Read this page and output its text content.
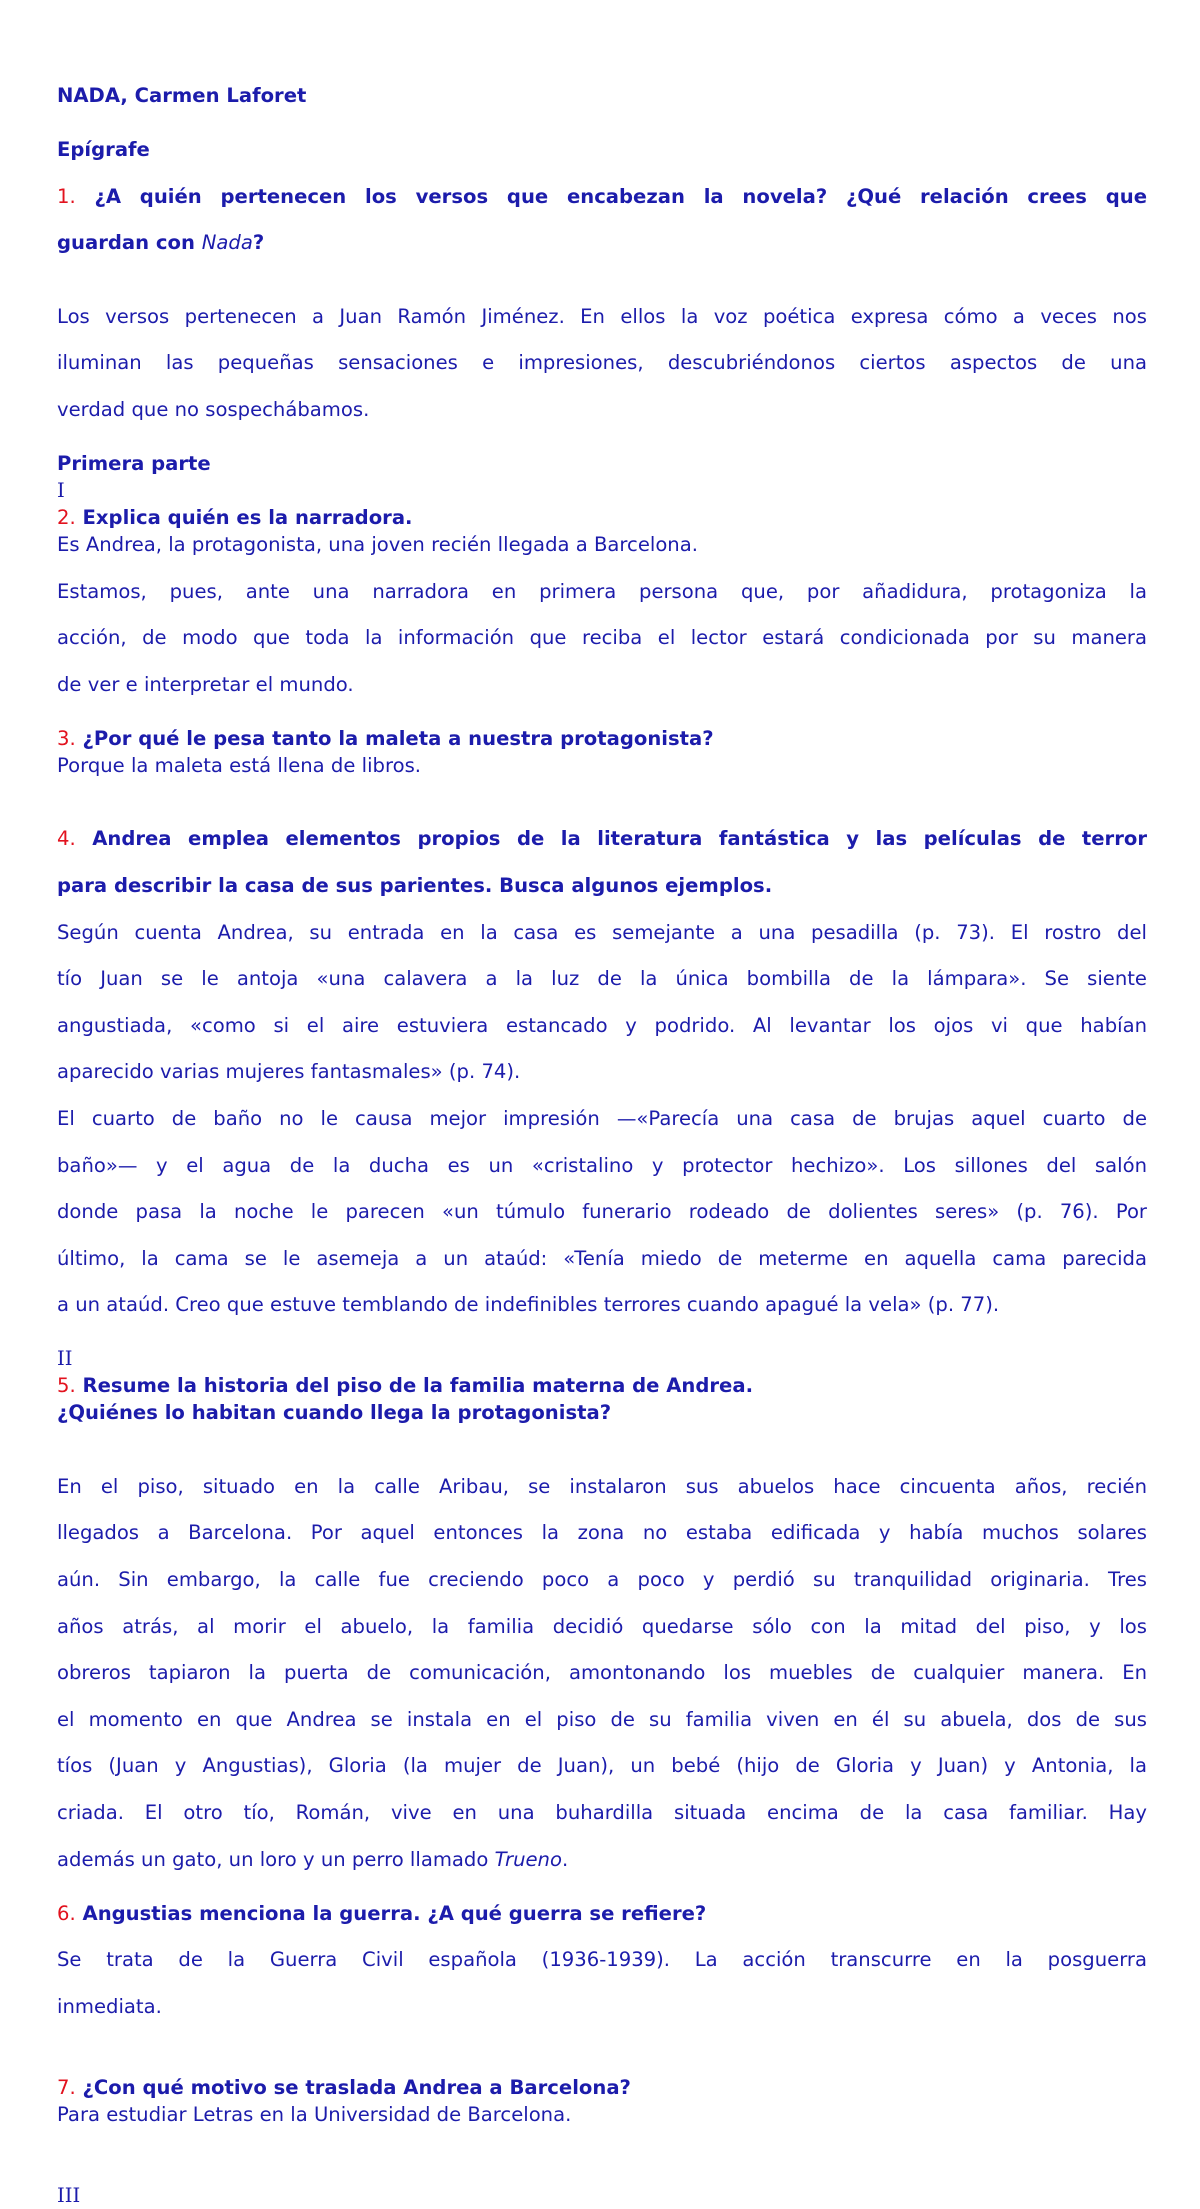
NADA, Carmen Laforet

Epígrafe

1. ¿A quién pertenecen los versos que encabezan la novela? ¿Qué relación crees que

guardan con Nada?

Los versos pertenecen a Juan Ramón Jiménez. En ellos la voz poética expresa cómo a veces nos

iluminan las pequeñas sensaciones e impresiones, descubriéndonos ciertos aspectos de una

verdad que no sospechábamos.

Primera parte

I

2. Explica quién es la narradora.

Es Andrea, la protagonista, una joven recién llegada a Barcelona.

Estamos, pues, ante una narradora en primera persona que, por añadidura, protagoniza la

acción, de modo que toda la información que reciba el lector estará condicionada por su manera

de ver e interpretar el mundo.

3. ¿Por qué le pesa tanto la maleta a nuestra protagonista?

Porque la maleta está llena de libros.

4. Andrea emplea elementos propios de la literatura fantástica y las películas de terror

para describir la casa de sus parientes. Busca algunos ejemplos.

Según cuenta Andrea, su entrada en la casa es semejante a una pesadilla (p. 73). El rostro del

tío Juan se le antoja «una calavera a la luz de la única bombilla de la lámpara». Se siente

angustiada, «como si el aire estuviera estancado y podrido. Al levantar los ojos vi que habían

aparecido varias mujeres fantasmales» (p. 74).

El cuarto de baño no le causa mejor impresión —«Parecía una casa de brujas aquel cuarto de

baño»— y el agua de la ducha es un «cristalino y protector hechizo». Los sillones del salón

donde pasa la noche le parecen «un túmulo funerario rodeado de dolientes seres» (p. 76). Por

último, la cama se le asemeja a un ataúd: «Tenía miedo de meterme en aquella cama parecida

a un ataúd. Creo que estuve temblando de indefinibles terrores cuando apagué la vela» (p. 77).

II

5. Resume la historia del piso de la familia materna de Andrea.

¿Quiénes lo habitan cuando llega la protagonista?

En el piso, situado en la calle Aribau, se instalaron sus abuelos hace cincuenta años, recién

llegados a Barcelona. Por aquel entonces la zona no estaba edificada y había muchos solares

aún. Sin embargo, la calle fue creciendo poco a poco y perdió su tranquilidad originaria. Tres

años atrás, al morir el abuelo, la familia decidió quedarse sólo con la mitad del piso, y los

obreros tapiaron la puerta de comunicación, amontonando los muebles de cualquier manera. En

el momento en que Andrea se instala en el piso de su familia viven en él su abuela, dos de sus

tíos (Juan y Angustias), Gloria (la mujer de Juan), un bebé (hijo de Gloria y Juan) y Antonia, la

criada. El otro tío, Román, vive en una buhardilla situada encima de la casa familiar. Hay

además un gato, un loro y un perro llamado Trueno.

6. Angustias menciona la guerra. ¿A qué guerra se refiere?

Se trata de la Guerra Civil española (1936-1939). La acción transcurre en la posguerra

inmediata.

7. ¿Con qué motivo se traslada Andrea a Barcelona?

Para estudiar Letras en la Universidad de Barcelona.

III
